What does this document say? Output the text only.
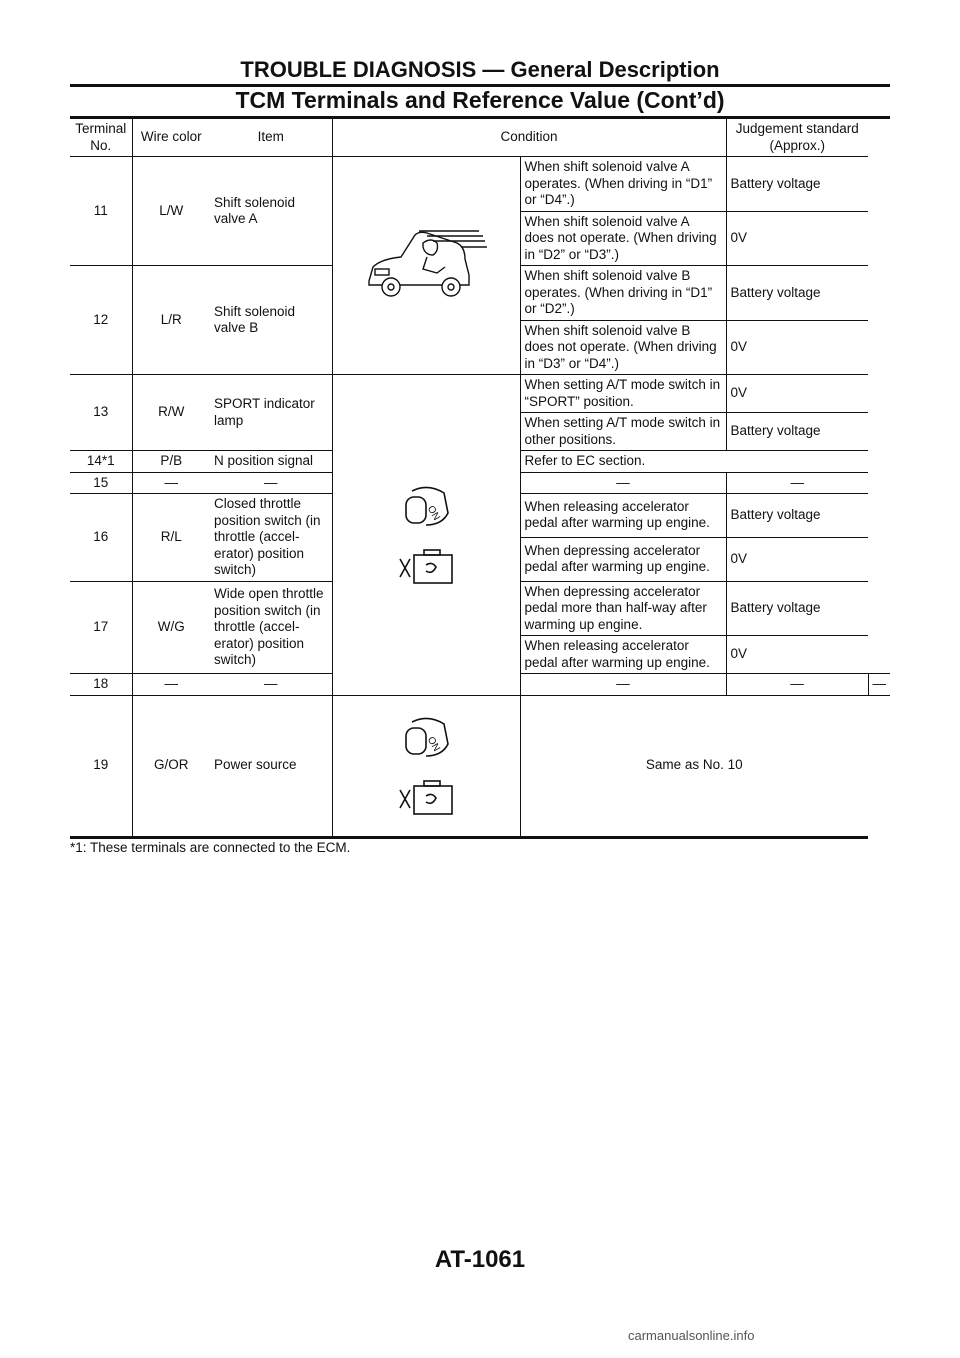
TROUBLE DIAGNOSIS — General Description
TCM Terminals and Reference Value (Cont’d)
Terminal No.	Wire color	Item	Condition		Judgement standard (Approx.)	
11	L/W	Shift solenoid valve A		When shift solenoid valve A operates. (When driving in “D1” or “D4”.)	Battery voltage	
				When shift solenoid valve A does not operate. (When driving in “D2” or “D3”.)	0V	
12	L/R	Shift solenoid valve B		When shift solenoid valve B operates. (When driving in “D1” or “D2”.)	Battery voltage	
				When shift solenoid valve B does not operate. (When driving in “D3” or “D4”.)	0V	
13	R/W	SPORT indicator lamp	ON	When setting A/T mode switch in “SPORT” position.	0V	
				When setting A/T mode switch in other positions.	Battery voltage	
14*1	P/B	N position signal		Refer to EC section.		
15	—	—		—	—	
16	R/L	Closed throttle position switch (in throttle (accel-erator) position switch)		When releasing accelerator pedal after warming up engine.	Battery voltage	
				When depressing accelerator pedal after warming up engine.	0V	
17	W/G	Wide open throttle position switch (in throttle (accel-erator) position switch)		When depressing accelerator pedal more than half-way after warming up engine.	Battery voltage	
				When releasing accelerator pedal after warming up engine.	0V	
18	—	—		—	—	—
19	G/OR	Power source	ON	Same as No. 10		
*1: These terminals are connected to the ECM.
AT-1061
carmanualsonline.info
